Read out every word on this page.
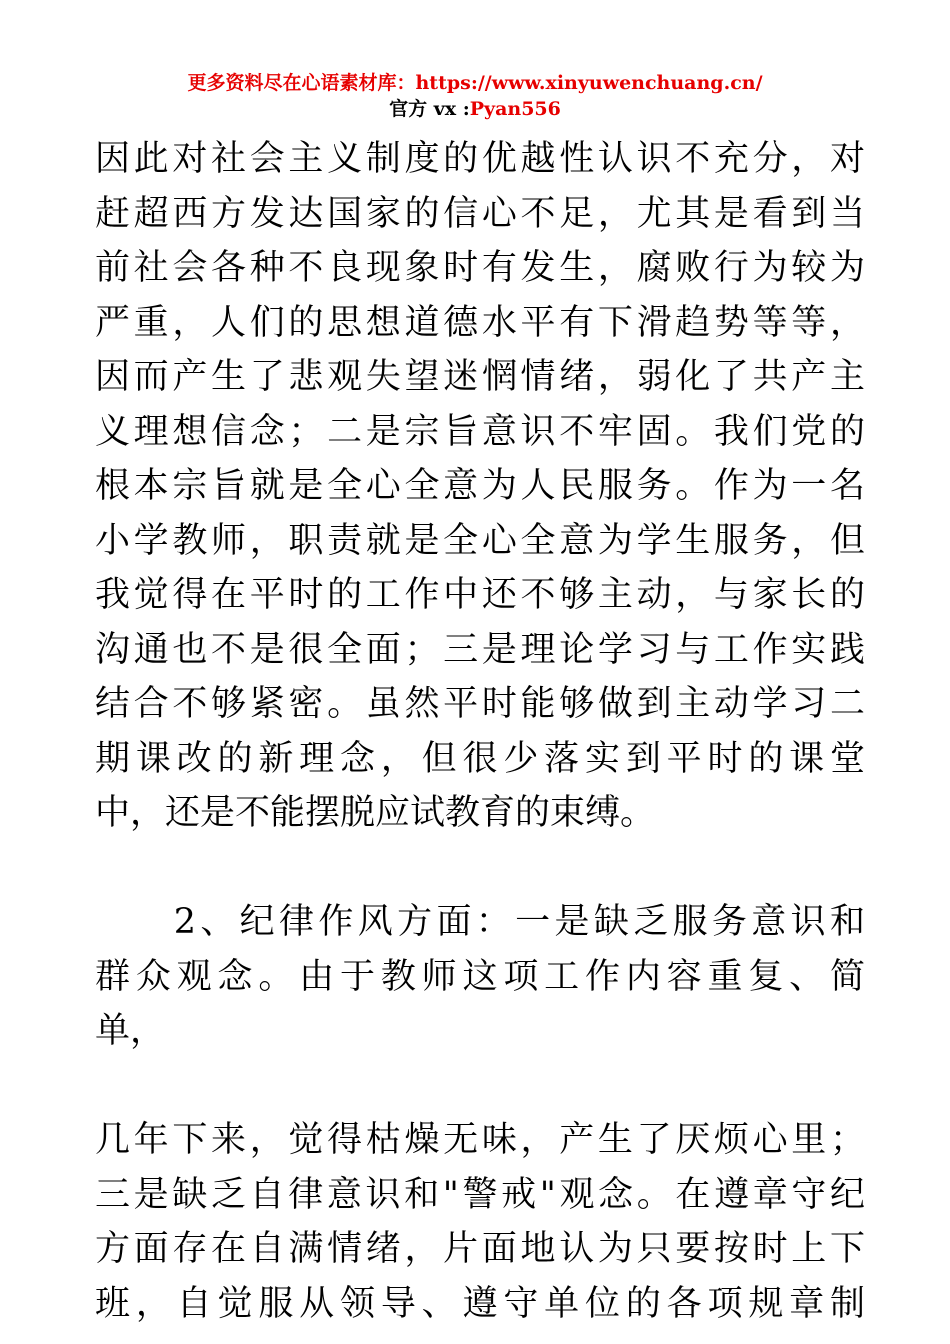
更多资料尽在心语素材库：https://www.xinyuwenchuang.cn/
官方 vx :Pyan556
因此对社会主义制度的优越性认识不充分，对
赶超西方发达国家的信心不足，尤其是看到当
前社会各种不良现象时有发生，腐败行为较为
严重，人们的思想道德水平有下滑趋势等等，
因而产生了悲观失望迷惘情绪，弱化了共产主
义理想信念；二是宗旨意识不牢固。我们党的
根本宗旨就是全心全意为人民服务。作为一名
小学教师，职责就是全心全意为学生服务，但
我觉得在平时的工作中还不够主动，与家长的
沟通也不是很全面；三是理论学习与工作实践
结合不够紧密。虽然平时能够做到主动学习二
期课改的新理念，但很少落实到平时的课堂
中，还是不能摆脱应试教育的束缚。
　　2、纪律作风方面：一是缺乏服务意识和
群众观念。由于教师这项工作内容重复、简
单，
几年下来，觉得枯燥无味，产生了厌烦心里；
三是缺乏自律意识和"警戒"观念。在遵章守纪
方面存在自满情绪，片面地认为只要按时上下
班，自觉服从领导、遵守单位的各项规章制
